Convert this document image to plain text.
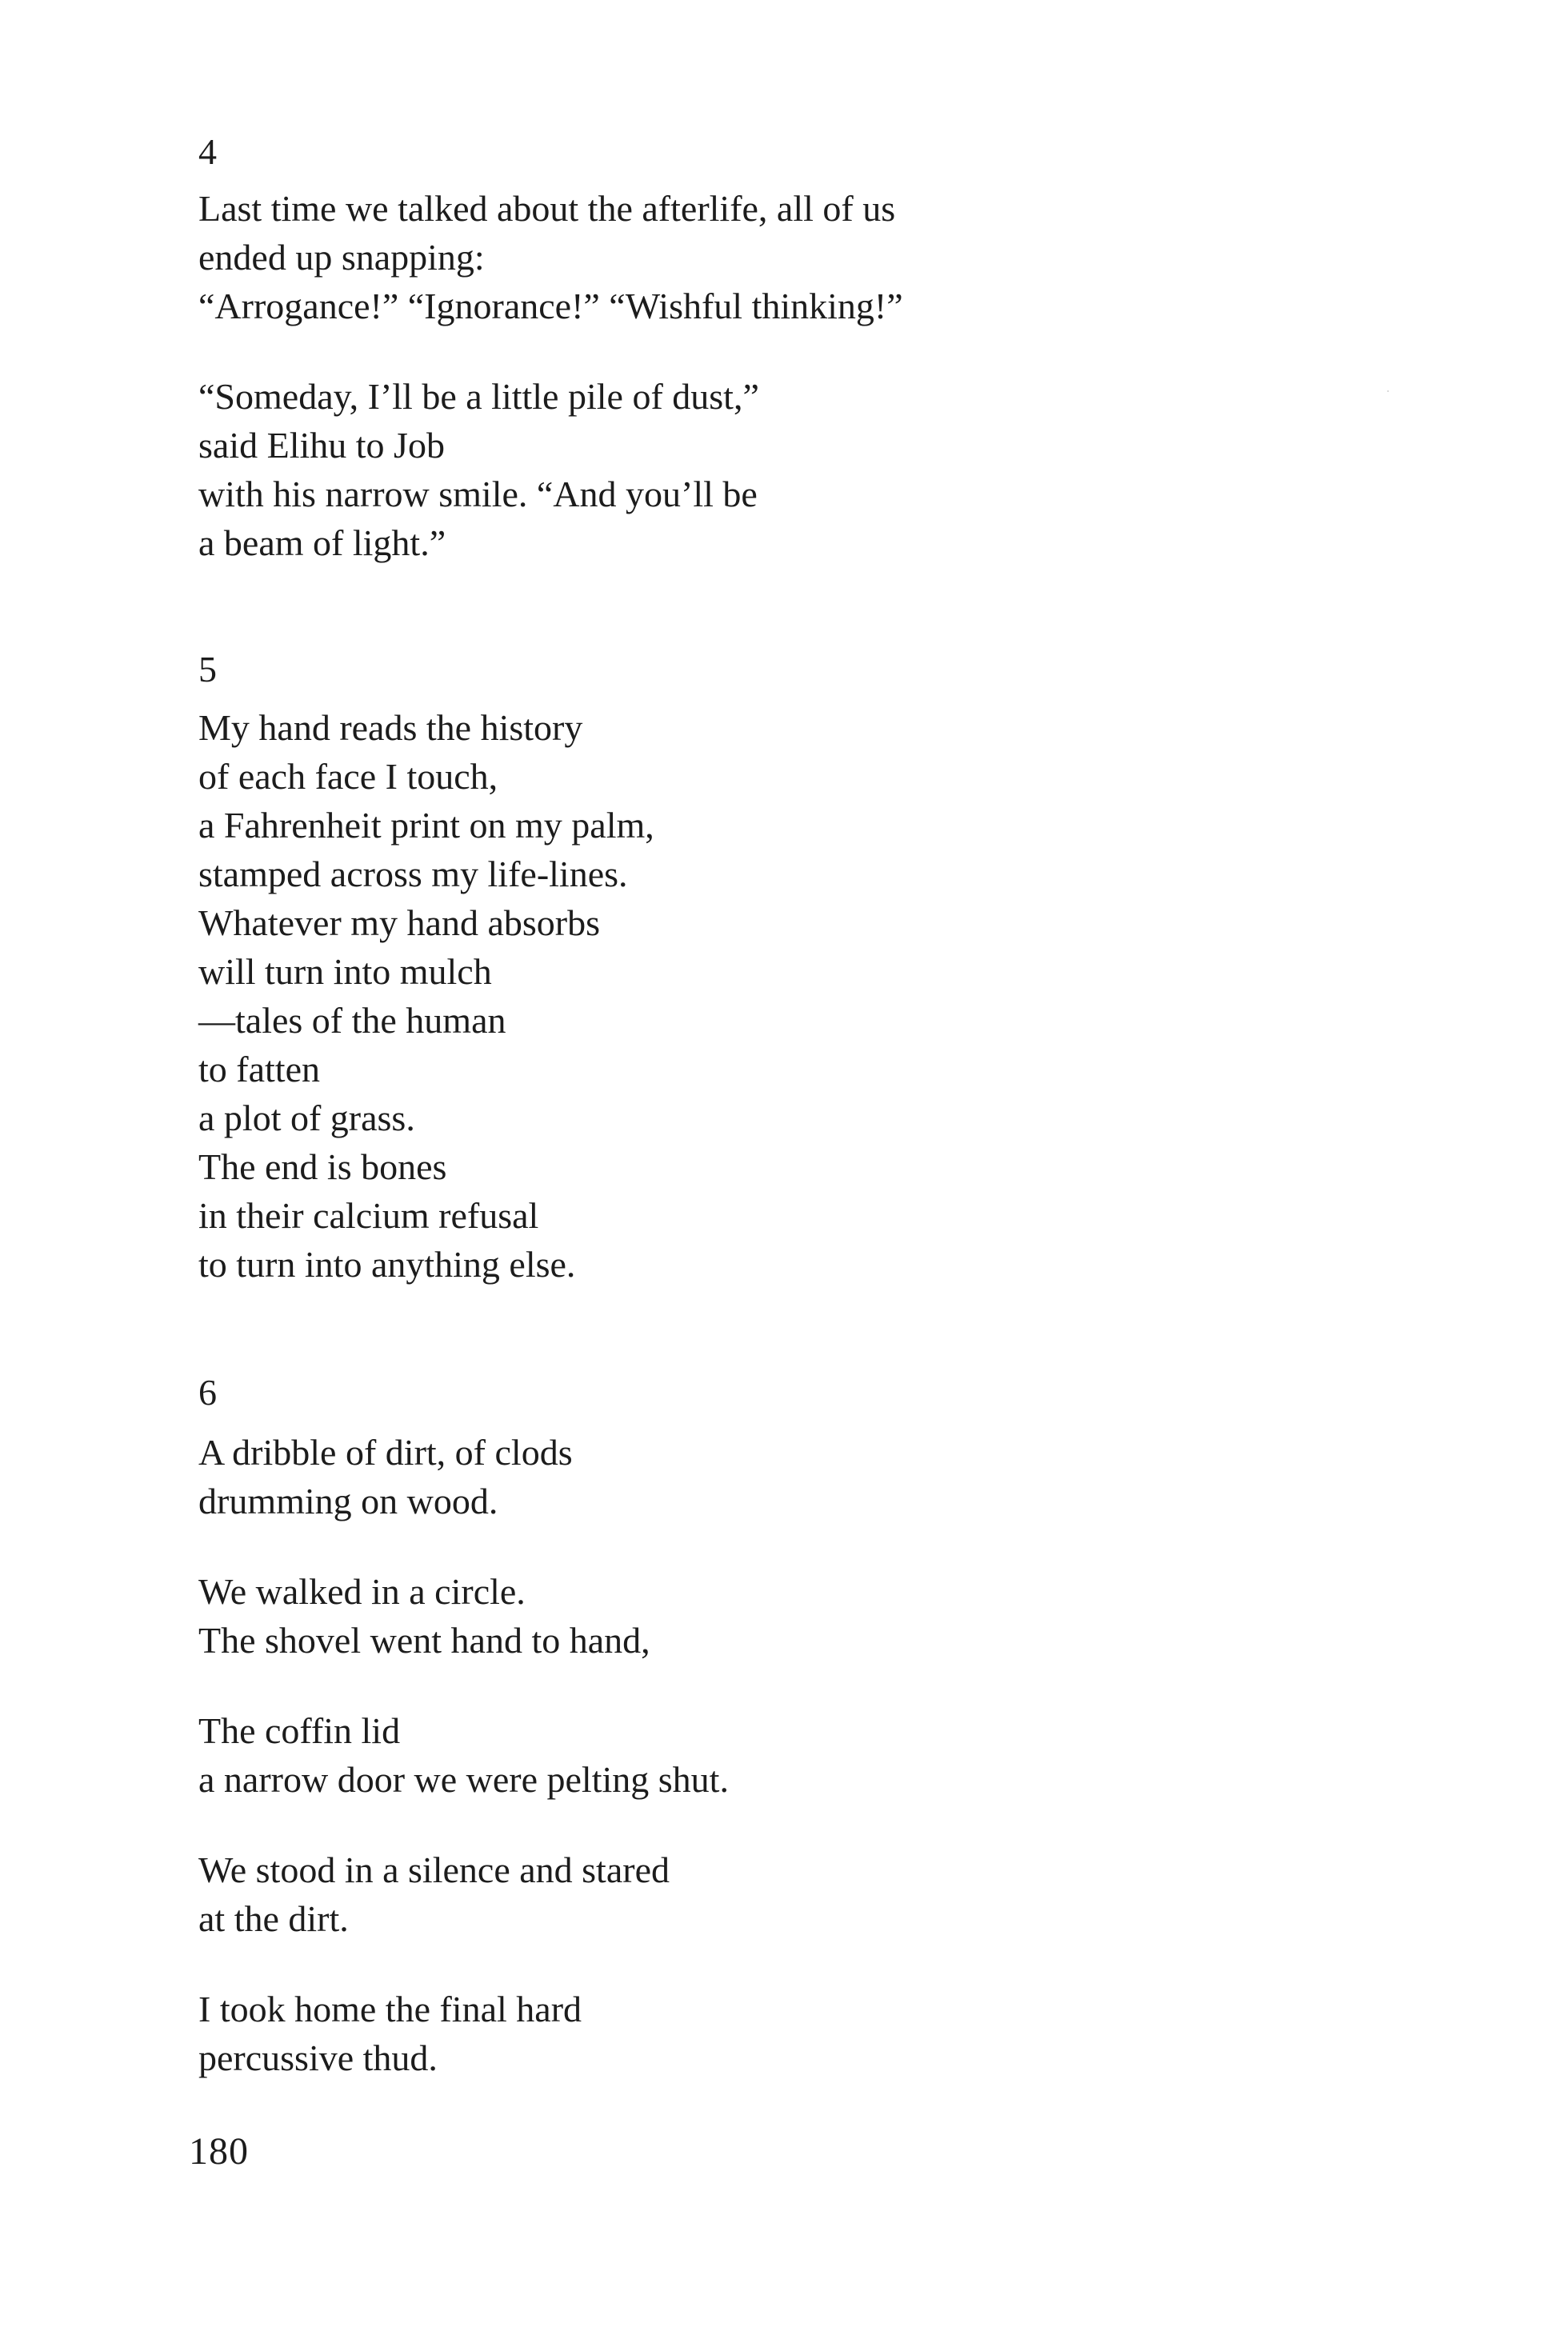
4

Last time we talked about the afterlife, all of us
ended up snapping:
“Arrogance!” “Ignorance!” “Wishful thinking!”
“Someday, I’ll be a little pile of dust,”
said Elihu to Job
with his narrow smile. “And you’ll be
a beam of light.”

5

My hand reads the history
of each face I touch,
a Fahrenheit print on my palm,
stamped across my life-lines.
Whatever my hand absorbs
will turn into mulch
—tales of the human
to fatten
a plot of grass.
The end is bones
in their calcium refusal
to turn into anything else.

6

A dribble of dirt, of clods
drumming on wood.
We walked in a circle.
The shovel went hand to hand,
The coffin lid
a narrow door we were pelting shut.
We stood in a silence and stared
at the dirt.
I took home the final hard
percussive thud.
180
